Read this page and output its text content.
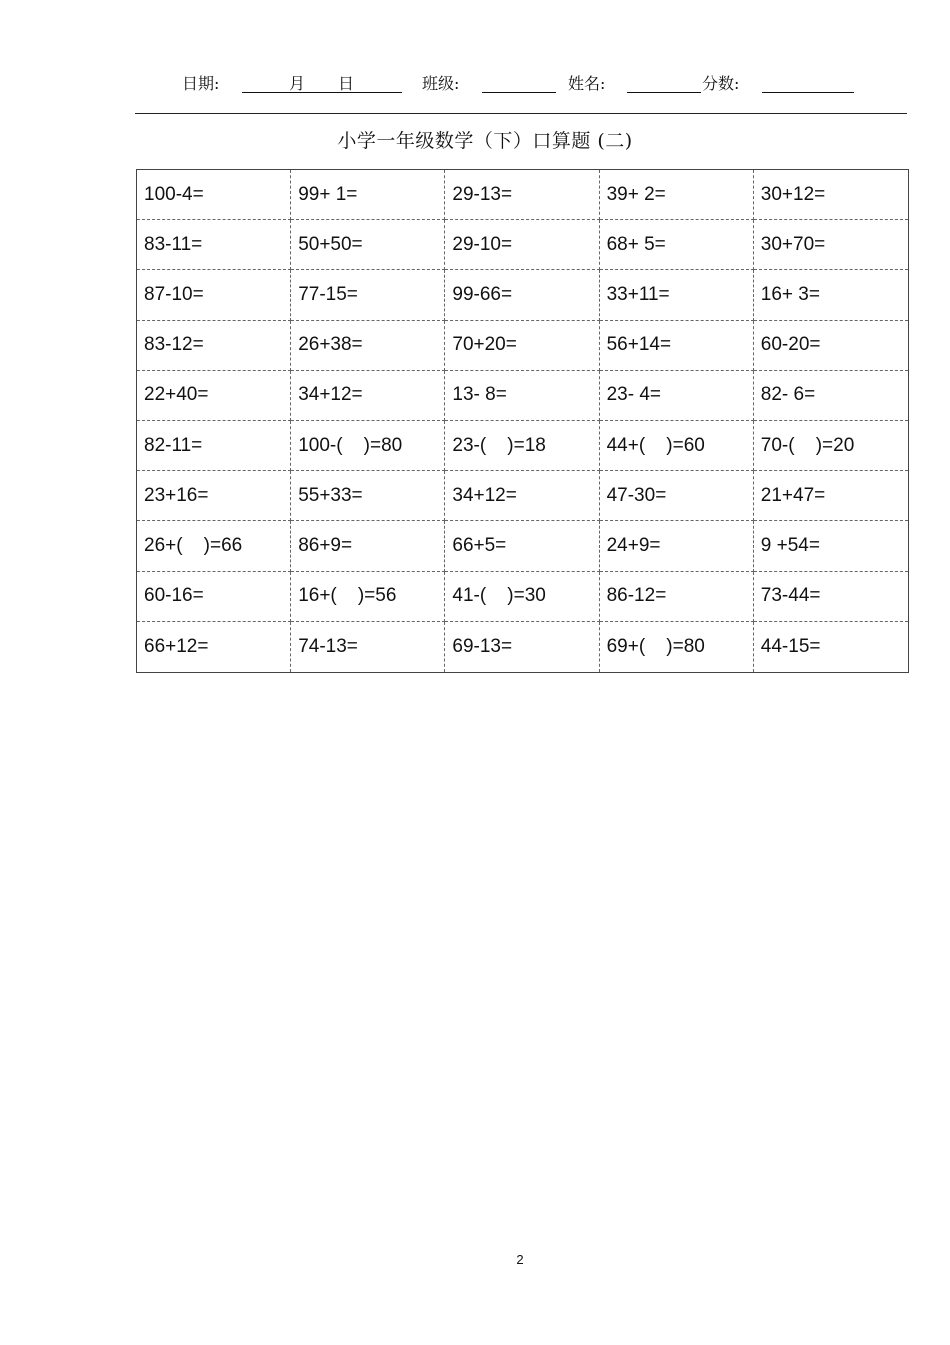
日期:	月 日	班级:	姓名:	分数:
小学一年级数学（下）口算题 (二)
100-4=	99+ 1=	29-13=	39+ 2=	30+12=
83-11=	50+50=	29-10=	68+ 5=	30+70=
87-10=	77-15=	99-66=	33+11=	16+ 3=
83-12=	26+38=	70+20=	56+14=	60-20=
22+40=	34+12=	13- 8=	23- 4=	82- 6=
82-11=	100-(    )=80	23-(    )=18	44+(    )=60	70-(    )=20
23+16=	55+33=	34+12=	47-30=	21+47=
26+(    )=66	86+9=	66+5=	24+9=	9 +54=
60-16=	16+(    )=56	41-(    )=30	86-12=	73-44=
66+12=	74-13=	69-13=	69+(    )=80	44-15=
2
